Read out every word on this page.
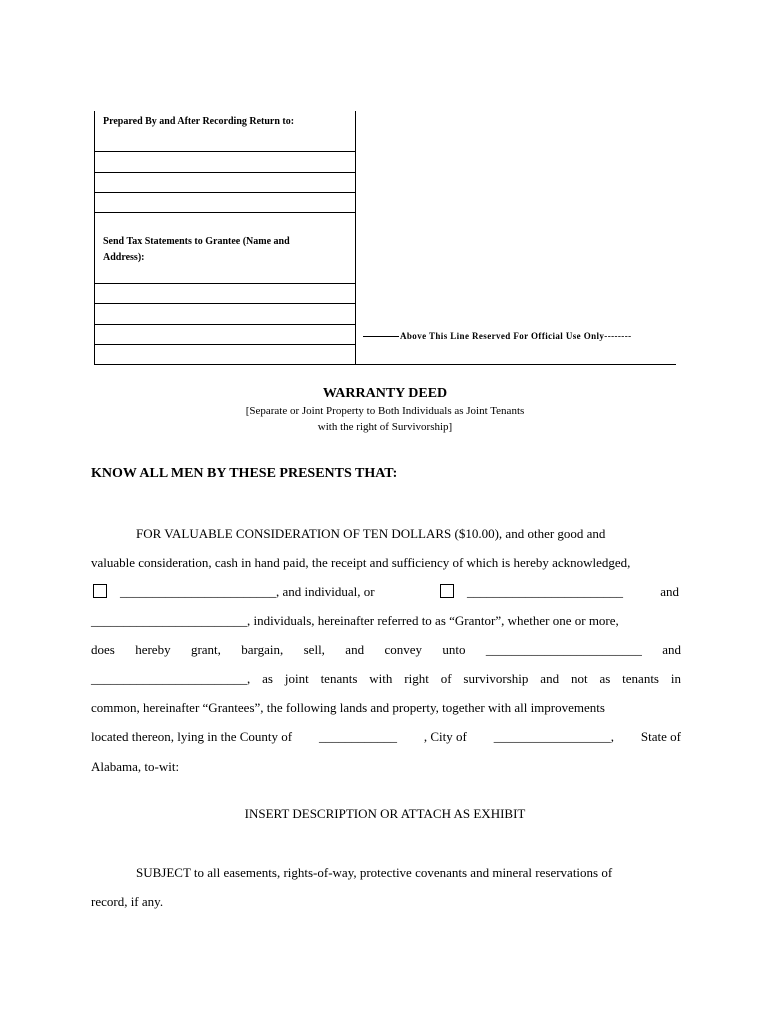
Prepared By and After Recording Return to:
Send Tax Statements to Grantee (Name and
Address):
Above This Line Reserved For Official Use Only--------
WARRANTY DEED
[Separate or Joint Property to Both Individuals as Joint Tenants
with the right of Survivorship]
KNOW ALL MEN BY THESE PRESENTS THAT:
FOR VALUABLE CONSIDERATION OF TEN DOLLARS ($10.00), and other good and
valuable consideration, cash in hand paid, the receipt and sufficiency of which is hereby acknowledged,
________________________, and individual, or	________________________	and
________________________, individuals, hereinafter referred to as “Grantor”, whether one or more,
does hereby grant, bargain, sell, and convey unto ________________________ and
________________________, as joint tenants with right of survivorship and not as tenants in
common, hereinafter “Grantees”, the following lands and property, together with all improvements
located thereon, lying in the County of ____________ , City of __________________, State of
Alabama, to-wit:
INSERT DESCRIPTION OR ATTACH AS EXHIBIT
SUBJECT to all easements, rights-of-way, protective covenants and mineral reservations of
record, if any.
